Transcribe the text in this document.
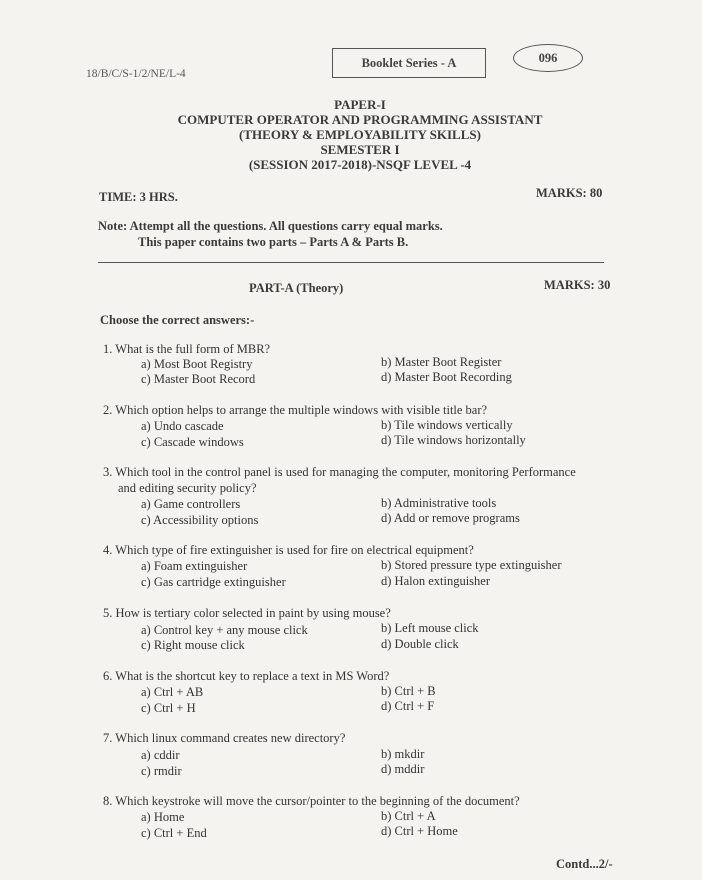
18/B/C/S-1/2/NE/L-4
Booklet Series - A	096
PAPER-I
COMPUTER OPERATOR AND PROGRAMMING ASSISTANT
(THEORY & EMPLOYABILITY SKILLS)
SEMESTER I
(SESSION 2017-2018)-NSQF LEVEL -4
TIME: 3 HRS.	MARKS: 80
Note: Attempt all the questions. All questions carry equal marks.
This paper contains two parts – Parts A & Parts B.
PART-A (Theory)	MARKS: 30
Choose the correct answers:-
1. What is the full form of MBR?
a) Most Boot Registry	b) Master Boot Register
c) Master Boot Record	d) Master Boot Recording
2. Which option helps to arrange the multiple windows with visible title bar?
a) Undo cascade	b) Tile windows vertically
c) Cascade windows	d) Tile windows horizontally
3. Which tool in the control panel is used for managing the computer, monitoring Performance
and editing security policy?
a) Game controllers	b) Administrative tools
c) Accessibility options	d) Add or remove programs
4. Which type of fire extinguisher is used for fire on electrical equipment?
a) Foam extinguisher	b) Stored pressure type extinguisher
c) Gas cartridge extinguisher	d) Halon extinguisher
5. How is tertiary color selected in paint by using mouse?
a) Control key + any mouse click	b) Left mouse click
c) Right mouse click	d) Double click
6. What is the shortcut key to replace a text in MS Word?
a) Ctrl + AB	b) Ctrl + B
c) Ctrl + H	d) Ctrl + F
7. Which linux command creates new directory?
a) cddir	b) mkdir
c) rmdir	d) mddir
8. Which keystroke will move the cursor/pointer to the beginning of the document?
a) Home	b) Ctrl + A
c) Ctrl + End	d) Ctrl + Home
Contd...2/-
